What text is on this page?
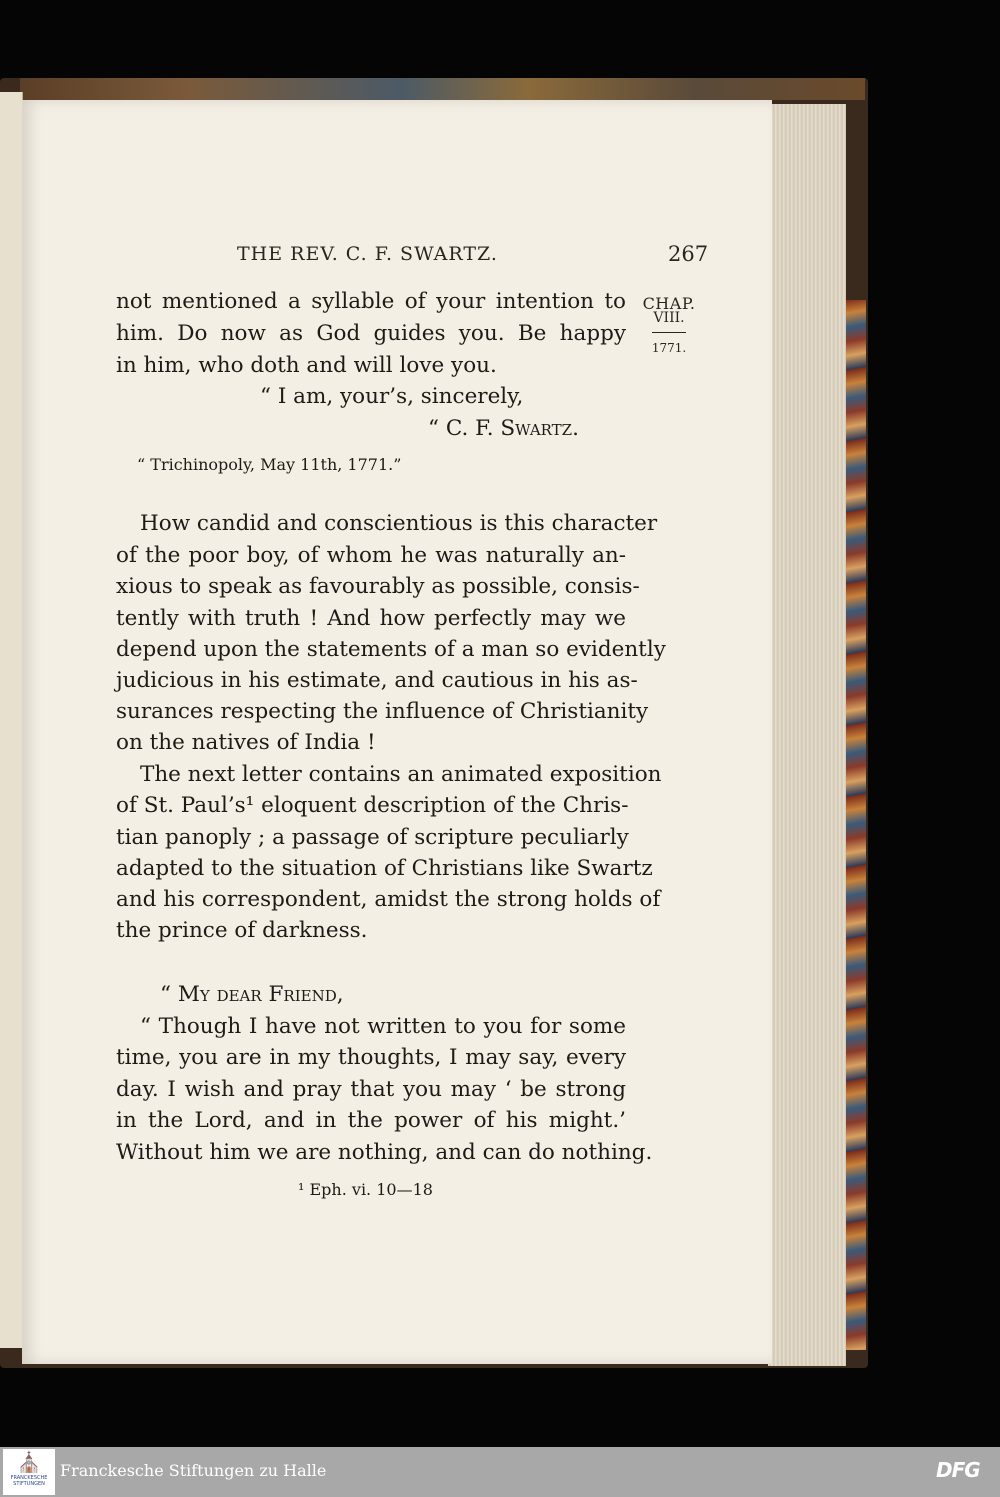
THE REV. C. F. SWARTZ.	267
CHAP.
VIII.
1771.
not mentioned a syllable of your intention to
him. Do now as God guides you. Be happy
in him, who doth and will love you.
“ I am, your’s, sincerely,
“ C. F. Swartz.
“ Trichinopoly, May 11th, 1771.”
How candid and conscientious is this character
of the poor boy, of whom he was naturally an-
xious to speak as favourably as possible, consis-
tently with truth ! And how perfectly may we
depend upon the statements of a man so evidently
judicious in his estimate, and cautious in his as-
surances respecting the influence of Christianity
on the natives of India !
The next letter contains an animated exposition
of St. Paul’s¹ eloquent description of the Chris-
tian panoply ; a passage of scripture peculiarly
adapted to the situation of Christians like Swartz
and his correspondent, amidst the strong holds of
the prince of darkness.
“ My dear Friend,
“ Though I have not written to you for some
time, you are in my thoughts, I may say, every
day. I wish and pray that you may ‘ be strong
in the Lord, and in the power of his might.’
Without him we are nothing, and can do nothing.
¹ Eph. vi. 10—18
⛪
FRANCKESCHE STIFTUNGEN
Franckesche Stiftungen zu Halle	DFG
